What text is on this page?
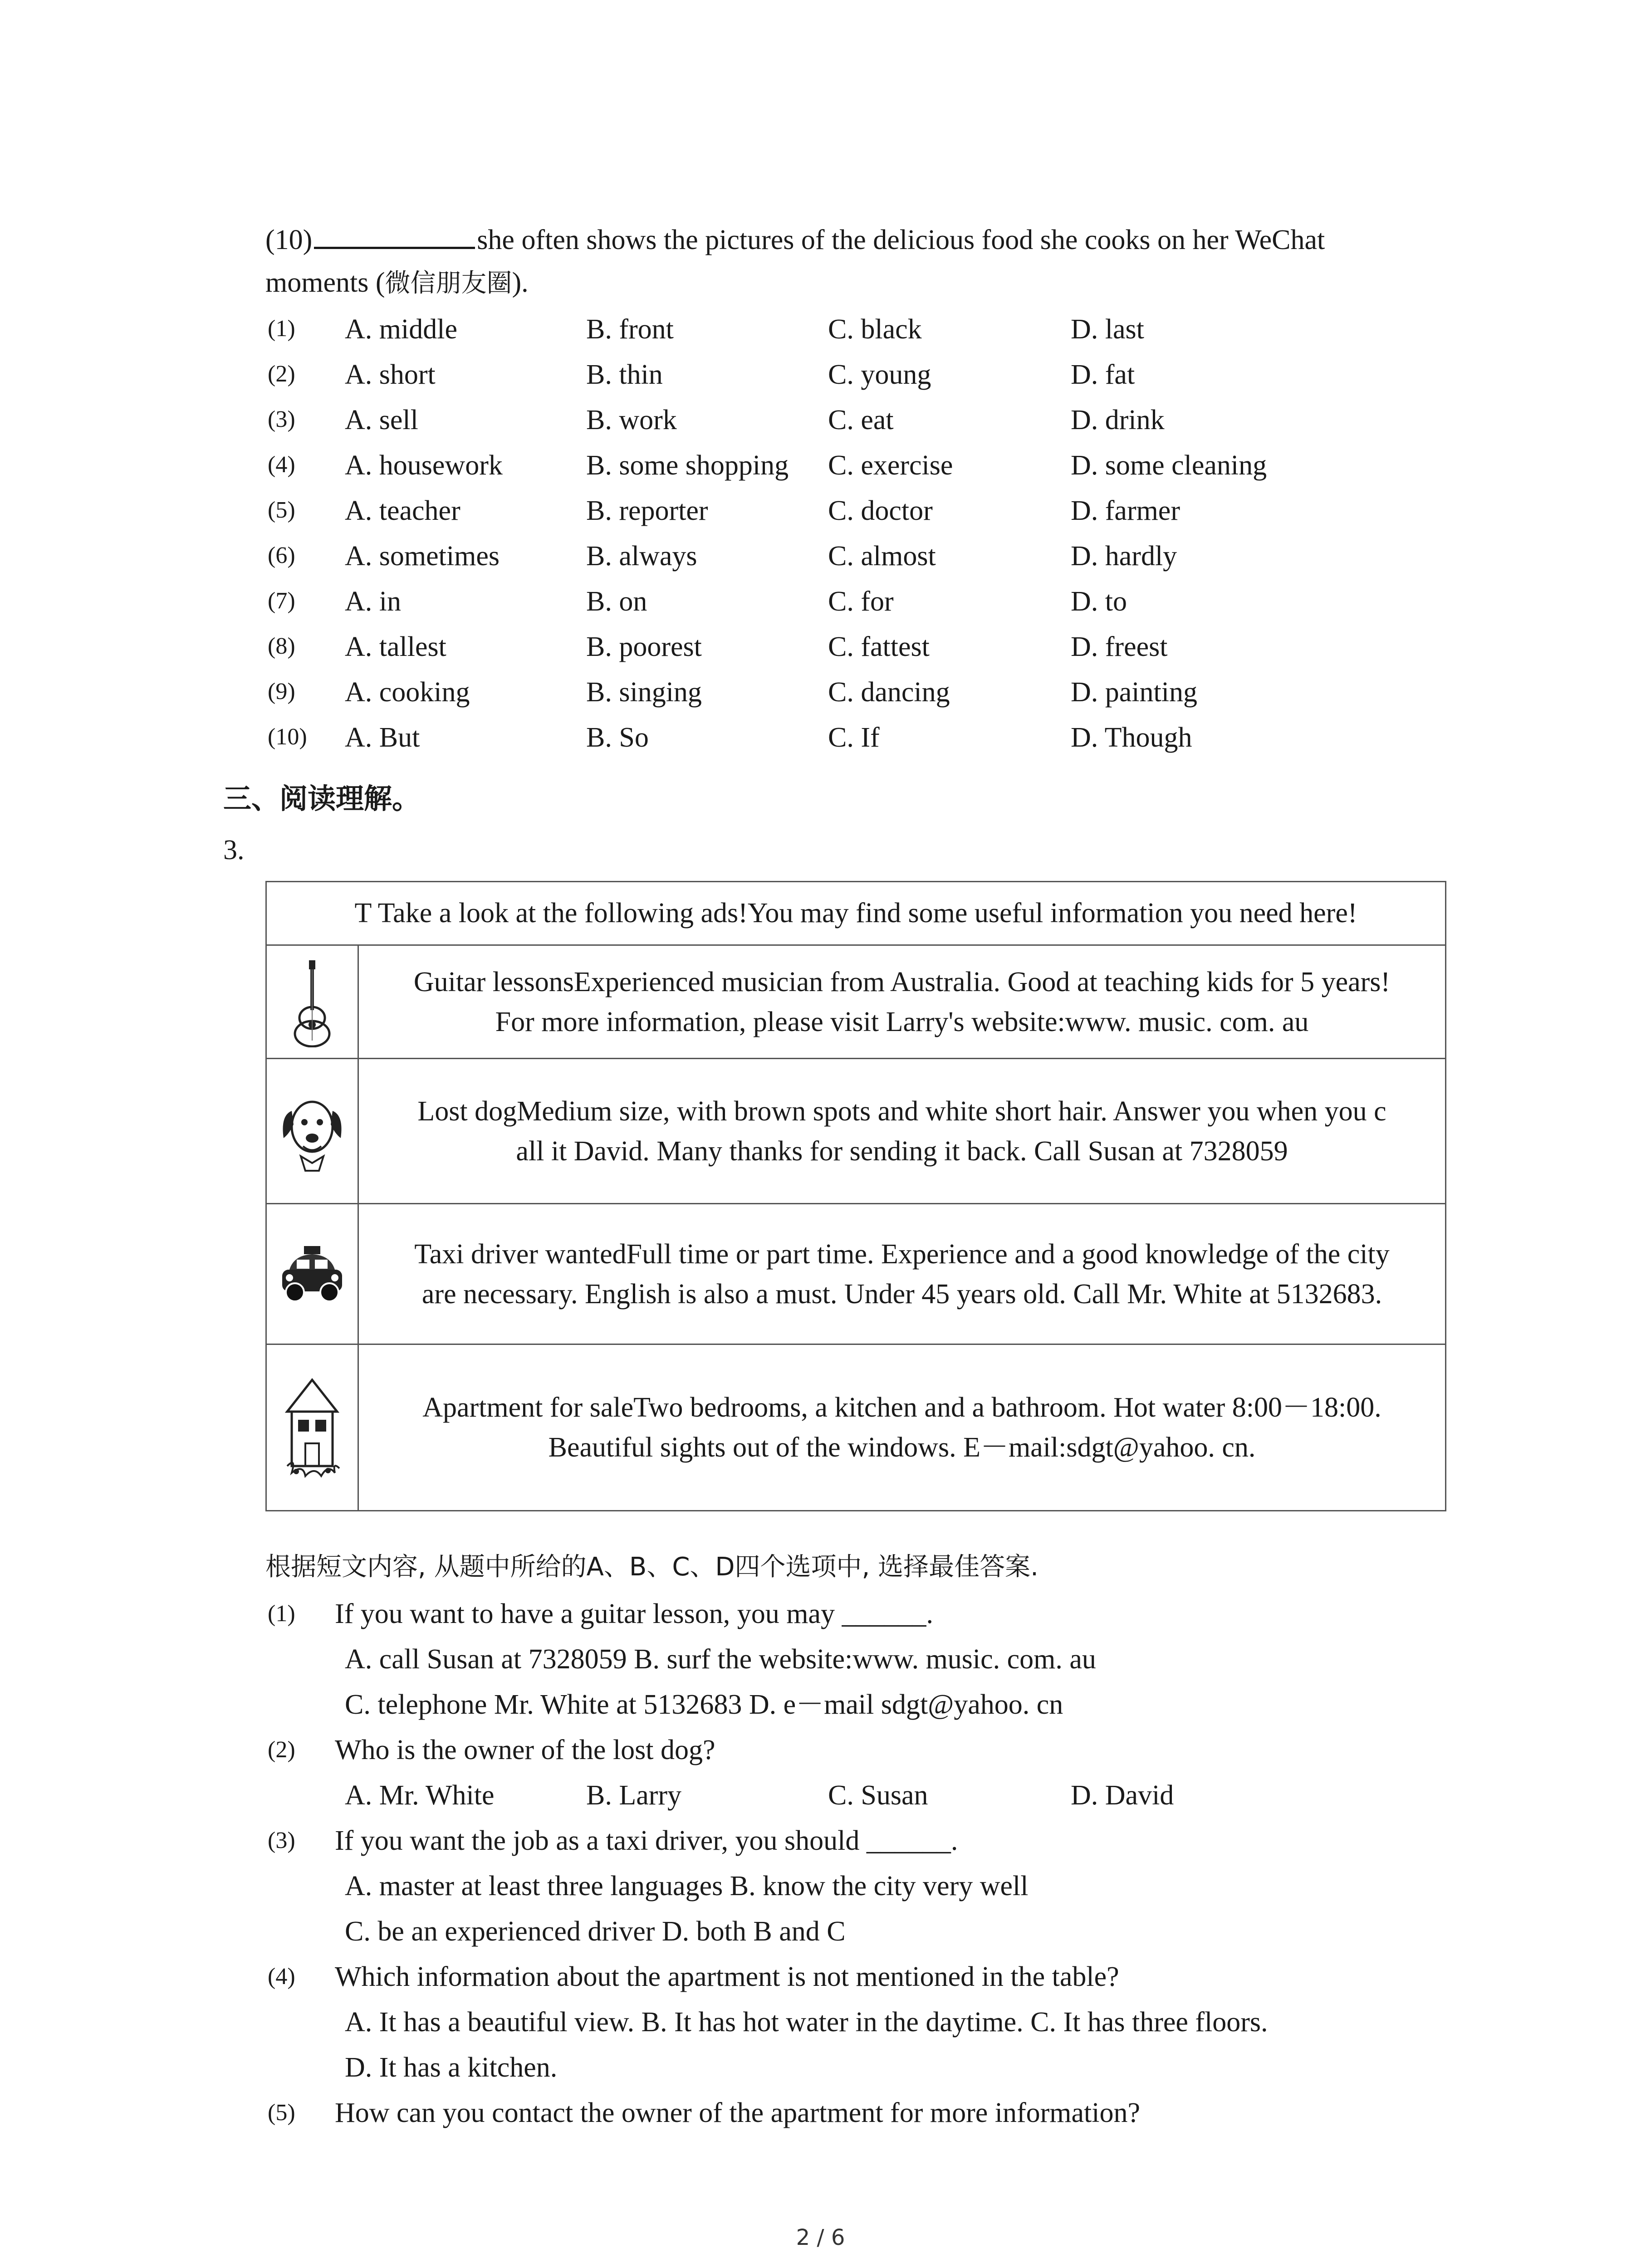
(10)	she often shows the pictures of the delicious food she cooks on her WeChat
moments (微信朋友圈).
(1) A. middle	B. front	C. black	D. last
(2) A. short	B. thin	C. young	D. fat
(3) A. sell	B. work	C. eat	D. drink
(4) A. housework	B. some shopping C. exercise	D. some cleaning
(5) A. teacher	B. reporter	C. doctor	D. farmer
(6) A. sometimes	B. always	C. almost	D. hardly
(7) A. in	B. on	C. for	D. to
(8) A. tallest	B. poorest	C. fattest	D. freest
(9) A. cooking	B. singing	C. dancing	D. painting
(10) A. But	B. So	C. If	D. Though
三、阅读理解。
3.
T Take a look at the following ads!You may find some useful information you need here!
Guitar lessonsExperienced musician from Australia. Good at teaching kids for 5 years!
For more information, please visit Larry's website:www. music. com. au
Lost dogMedium size, with brown spots and white short hair. Answer you when you c
all it David. Many thanks for sending it back. Call Susan at 7328059
Taxi driver wantedFull time or part time. Experience and a good knowledge of the city
are necessary. English is also a must. Under 45 years old. Call Mr. White at 5132683.
Apartment for saleTwo bedrooms, a kitchen and a bathroom. Hot water 8:00－18:00.
Beautiful sights out of the windows. E－mail:sdgt@yahoo. cn.
根据短文内容, 从题中所给的A、B、C、D四个选项中, 选择最佳答案.
(1) If you want to have a guitar lesson, you may ______.
A. call Susan at 7328059 B. surf the website:www. music. com. au
C. telephone Mr. White at 5132683 D. e－mail sdgt@yahoo. cn
(2) Who is the owner of the lost dog?
A. Mr. White	B. Larry	C. Susan	D. David
(3) If you want the job as a taxi driver, you should ______.
A. master at least three languages B. know the city very well
C. be an experienced driver D. both B and C
(4) Which information about the apartment is not mentioned in the table?
A. It has a beautiful view. B. It has hot water in the daytime. C. It has three floors.
D. It has a kitchen.
(5) How can you contact the owner of the apartment for more information?
2 / 6
